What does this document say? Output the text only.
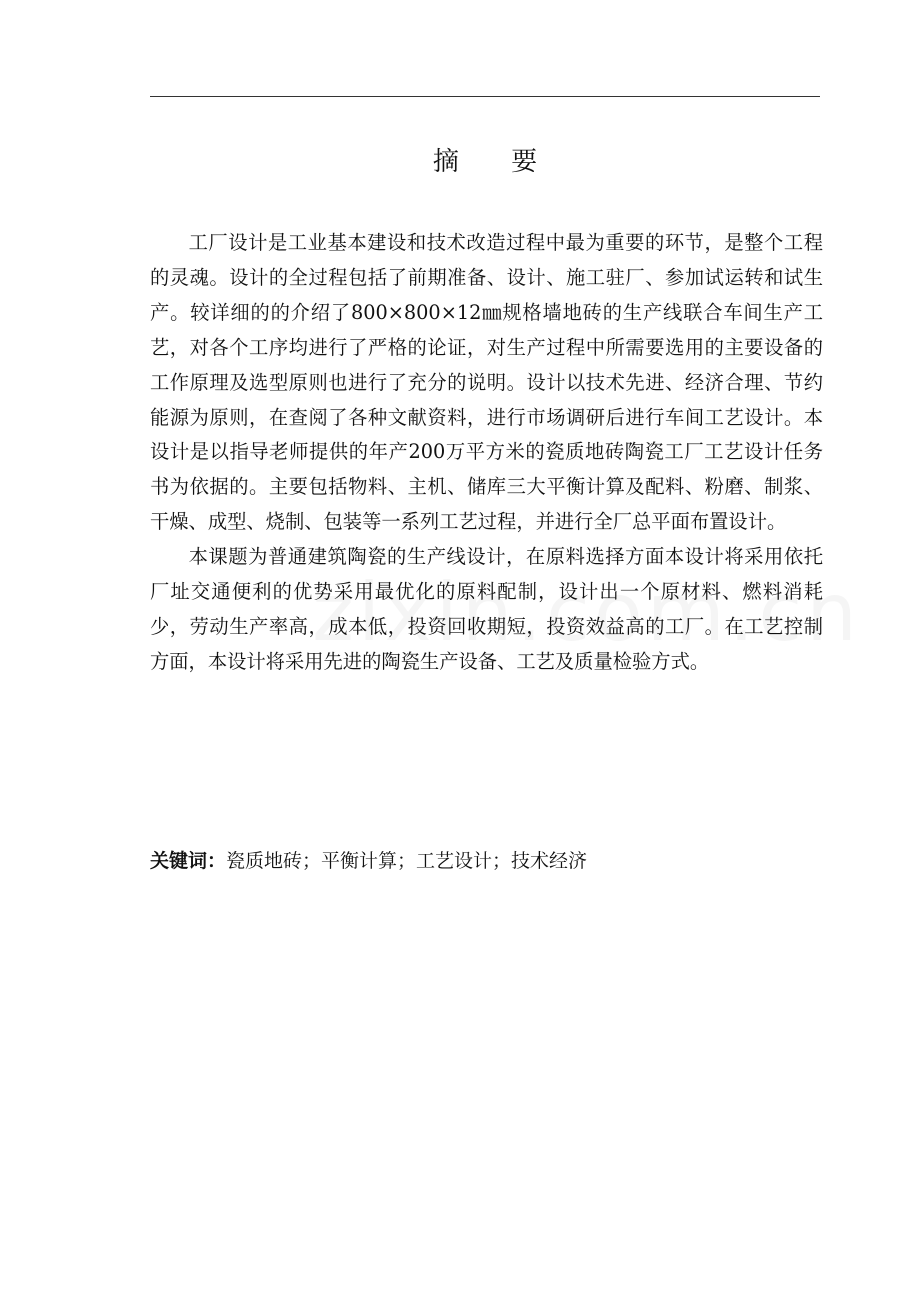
摘 要

工厂设计是工业基本建设和技术改造过程中最为重要的环节，是整个工程的灵魂。设计的全过程包括了前期准备、设计、施工驻厂、参加试运转和试生产。较详细的的介绍了800×800×12㎜规格墙地砖的生产线联合车间生产工艺，对各个工序均进行了严格的论证，对生产过程中所需要选用的主要设备的工作原理及选型原则也进行了充分的说明。设计以技术先进、经济合理、节约能源为原则，在查阅了各种文献资料，进行市场调研后进行车间工艺设计。本设计是以指导老师提供的年产200万平方米的瓷质地砖陶瓷工厂工艺设计任务书为依据的。主要包括物料、主机、储库三大平衡计算及配料、粉磨、制浆、干燥、成型、烧制、包装等一系列工艺过程，并进行全厂总平面布置设计。

本课题为普通建筑陶瓷的生产线设计，在原料选择方面本设计将采用依托厂址交通便利的优势采用最优化的原料配制，设计出一个原材料、燃料消耗少，劳动生产率高，成本低，投资回收期短，投资效益高的工厂。在工艺控制方面，本设计将采用先进的陶瓷生产设备、工艺及质量检验方式。

关键词：瓷质地砖；平衡计算；工艺设计；技术经济
